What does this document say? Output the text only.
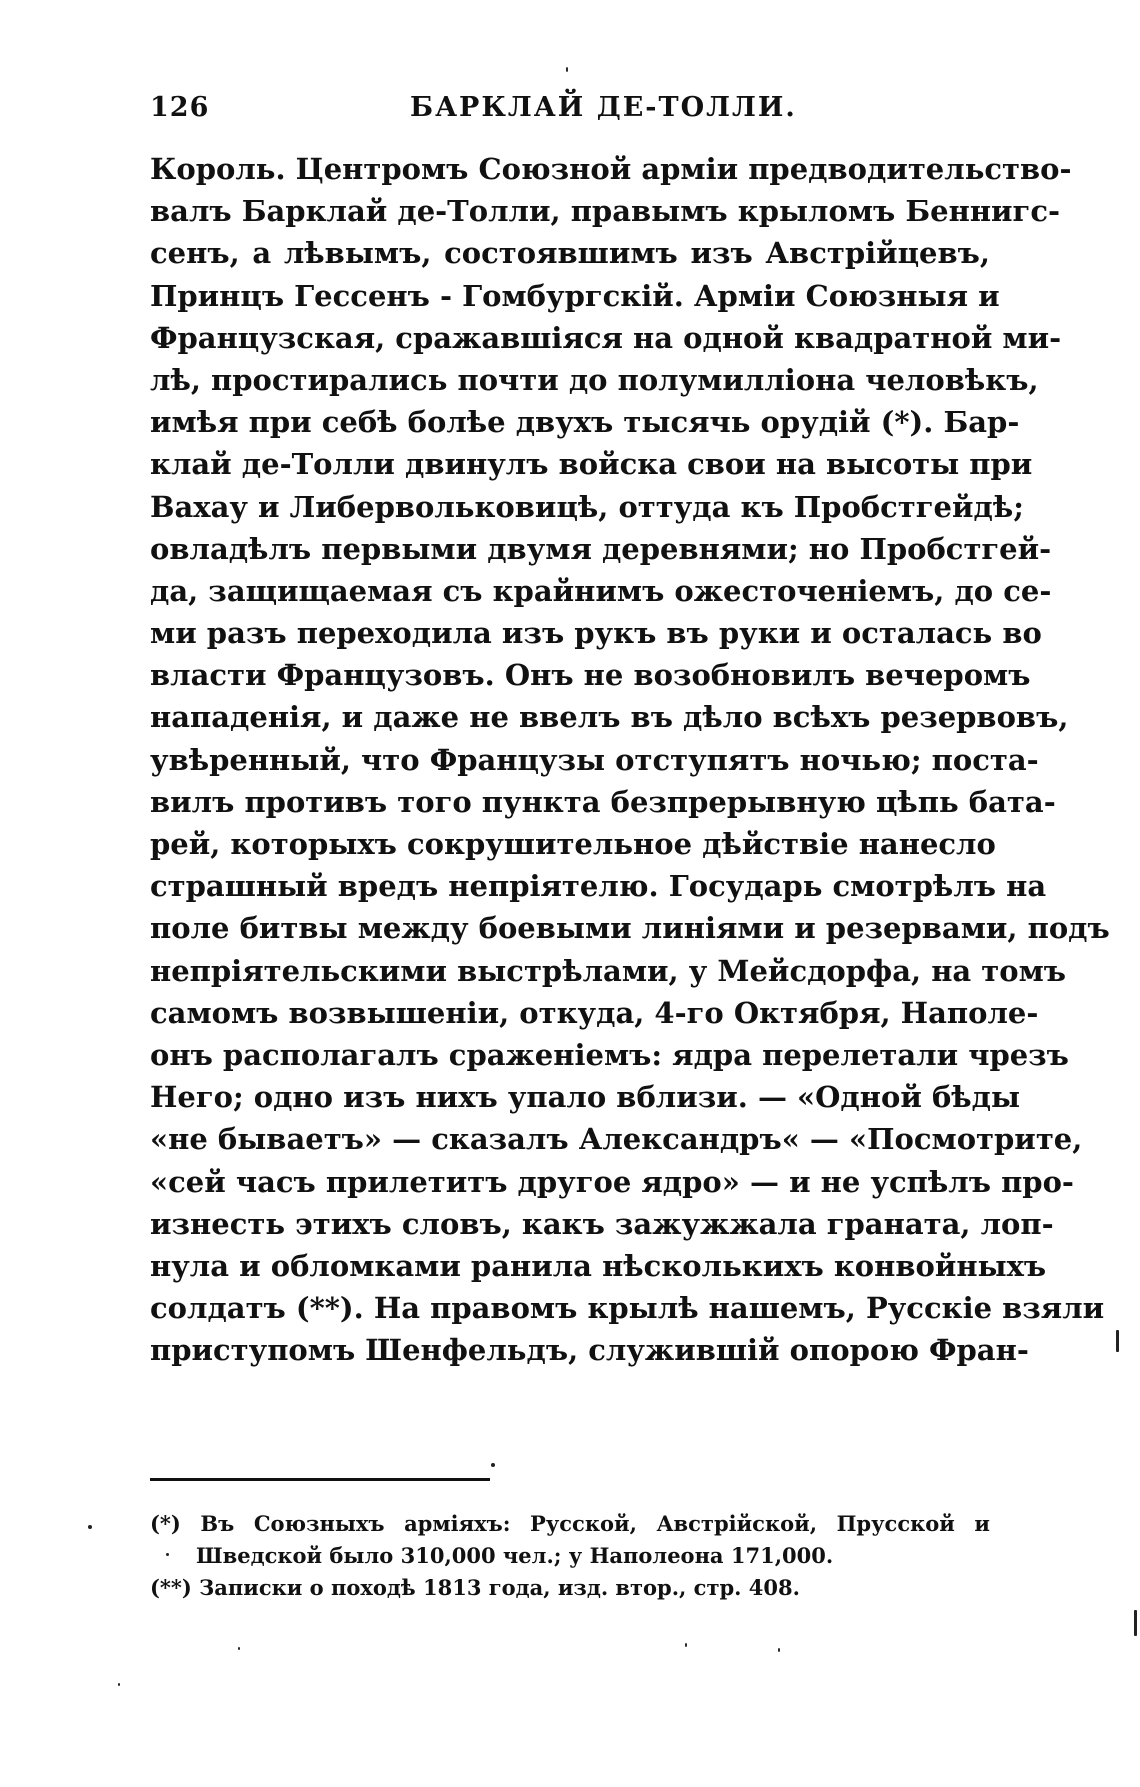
126	БАРКЛАЙ ДЕ-ТОЛЛИ.
Король. Центромъ Союзной арміи предводительство-
валъ Барклай де-Толли, правымъ крыломъ Беннигс-
сенъ, а лѣвымъ, состоявшимъ изъ Австрійцевъ,
Принцъ Гессенъ - Гомбургскій. Арміи Союзныя и
Французская, сражавшіяся на одной квадратной ми-
лѣ, простирались почти до полумилліона человѣкъ,
имѣя при себѣ болѣе двухъ тысячь орудій (*). Бар-
клай де-Толли двинулъ войска свои на высоты при
Вахау и Либервольковицѣ, оттуда къ Пробстгейдѣ;
овладѣлъ первыми двумя деревнями; но Пробстгей-
да, защищаемая съ крайнимъ ожесточеніемъ, до се-
ми разъ переходила изъ рукъ въ руки и осталась во
власти Французовъ. Онъ не возобновилъ вечеромъ
нападенія, и даже не ввелъ въ дѣло всѣхъ резервовъ,
увѣренный, что Французы отступятъ ночью; поста-
вилъ противъ того пункта безпрерывную цѣпь бата-
рей, которыхъ сокрушительное дѣйствіе нанесло
страшный вредъ непріятелю. Государь смотрѣлъ на
поле битвы между боевыми линіями и резервами, подъ
непріятельскими выстрѣлами, у Мейсдорфа, на томъ
самомъ возвышеніи, откуда, 4-го Октября, Наполе-
онъ располагалъ сраженіемъ: ядра перелетали чрезъ
Него; одно изъ нихъ упало вблизи. — «Одной бѣды
«не бываетъ» — сказалъ Александръ« — «Посмотрите,
«сей часъ прилетитъ другое ядро» — и не успѣлъ про-
изнесть этихъ словъ, какъ зажужжала граната, лоп-
нула и обломками ранила нѣсколькихъ конвойныхъ
солдатъ (**). На правомъ крылѣ нашемъ, Русскіе взяли
приступомъ Шенфельдъ, служившій опорою Фран-
(*) Въ Союзныхъ арміяхъ: Русской, Австрійской, Прусской и
Шведской было 310,000 чел.; у Наполеона 171,000.
(**) Записки о походѣ 1813 года, изд. втор., стр. 408.
